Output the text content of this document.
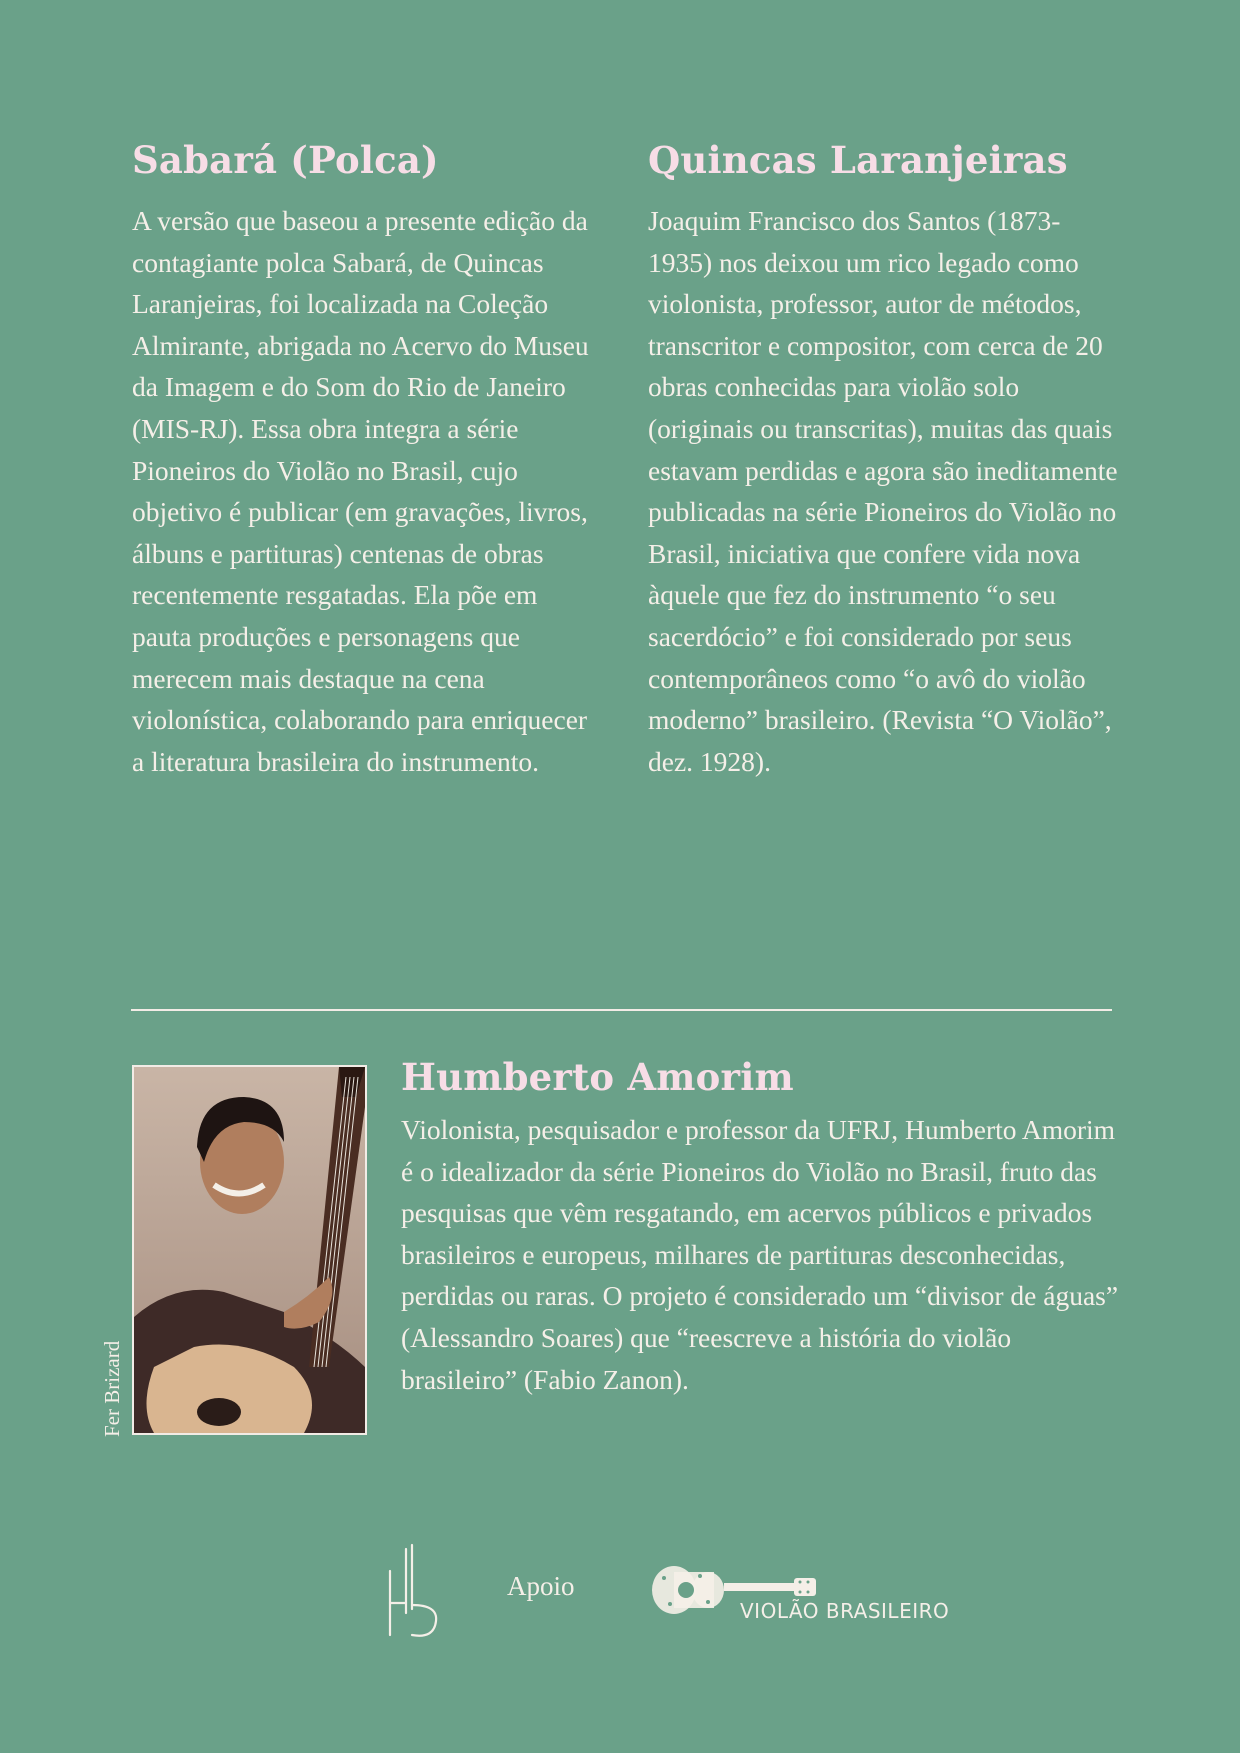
Sabará (Polca)

A versão que baseou a presente edição da contagiante polca Sabará, de Quincas Laranjeiras, foi localizada na Coleção Almirante, abrigada no Acervo do Museu da Imagem e do Som do Rio de Janeiro (MIS-RJ). Essa obra integra a série Pioneiros do Violão no Brasil, cujo objetivo é publicar (em gravações, livros, álbuns e partituras) centenas de obras recentemente resgatadas. Ela põe em pauta produções e personagens que merecem mais destaque na cena violonística, colaborando para enriquecer a literatura brasileira do instrumento.

Quincas Laranjeiras

Joaquim Francisco dos Santos (1873-1935) nos deixou um rico legado como violonista, professor, autor de métodos, transcritor e compositor, com cerca de 20 obras conhecidas para violão solo (originais ou transcritas), muitas das quais estavam perdidas e agora são ineditamente publicadas na série Pioneiros do Violão no Brasil, iniciativa que confere vida nova àquele que fez do instrumento “o seu sacerdócio” e foi considerado por seus contemporâneos como “o avô do violão moderno” brasileiro. (Revista “O Violão”, dez. 1928).

Fer Brizard
Humberto Amorim

Violonista, pesquisador e professor da UFRJ, Humberto Amorim é o idealizador da série Pioneiros do Violão no Brasil, fruto das pesquisas que vêm resgatando, em acervos públicos e privados brasileiros e europeus, milhares de partituras desconhecidas, perdidas ou raras. O projeto é considerado um “divisor de águas” (Alessandro Soares) que “reescreve a história do violão brasileiro” (Fabio Zanon).

Apoio
VIOLÃO BRASILEIRO
